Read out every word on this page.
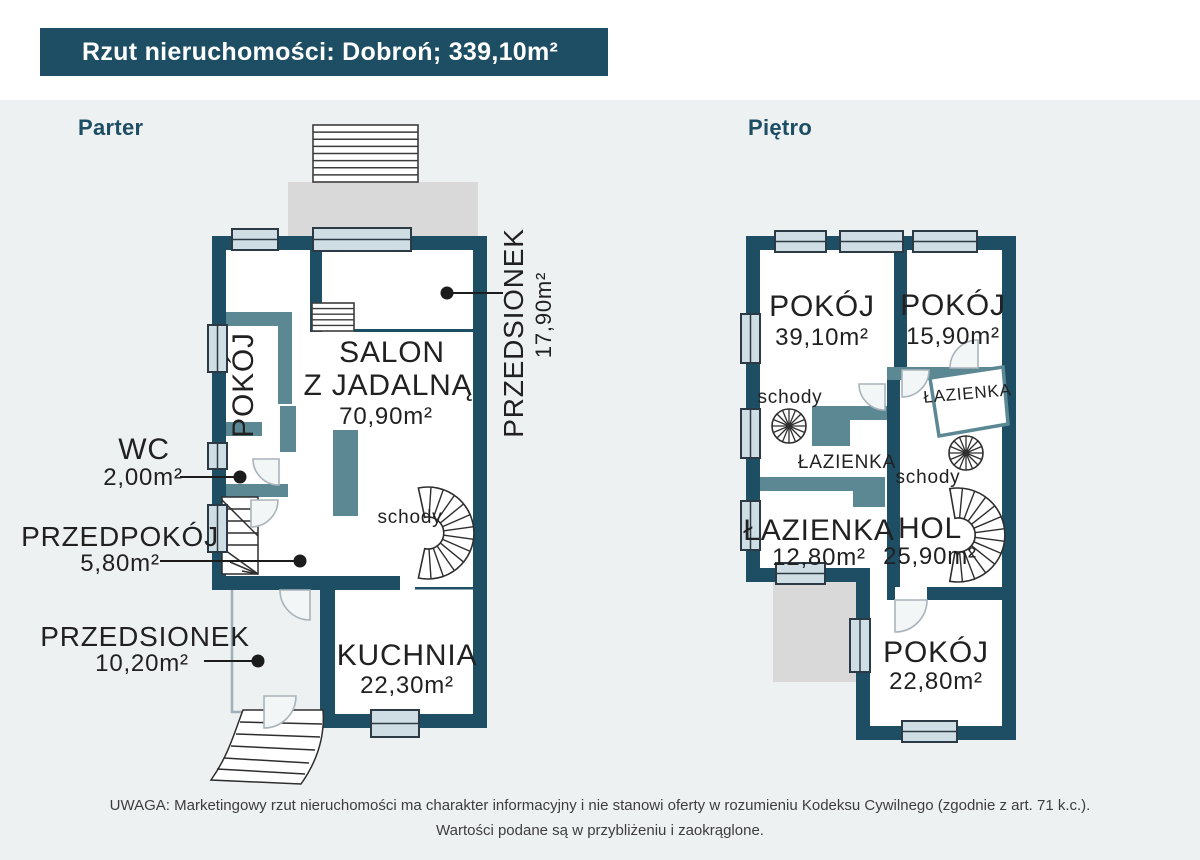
Rzut nieruchomości: Dobroń; 339,10m²
Parter	Piętro
SALON
Z JADALNĄ
70,90m²
POKÓJ
WC
2,00m²
PRZEDPOKÓJ
5,80m²
PRZEDSIONEK
10,20m²
PRZEDSIONEK 17,90m²
KUCHNIA
22,30m²
schody
POKÓJ
39,10m²
POKÓJ
15,90m²
schody	ŁAZIENKA
ŁAZIENKA
schody
ŁAZIENKA
12,80m²
HOL
25,90m²
POKÓJ
22,80m²
UWAGA: Marketingowy rzut nieruchomości ma charakter informacyjny i nie stanowi oferty w rozumieniu Kodeksu Cywilnego (zgodnie z art. 71 k.c.).
Wartości podane są w przybliżeniu i zaokrąglone.
